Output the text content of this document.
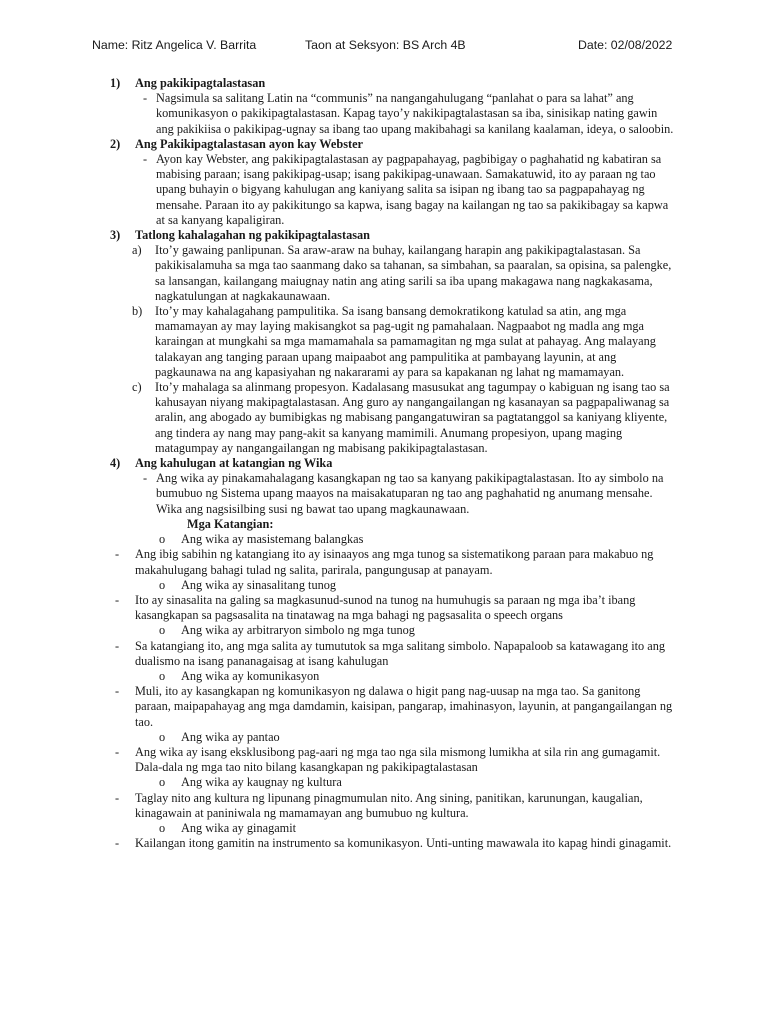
Name: Ritz Angelica V. Barrita	Taon at Seksyon: BS Arch 4B	Date: 02/08/2022
1) Ang pakikipagtalastasan
- Nagsimula sa salitang Latin na “communis” na nangangahulugang “panlahat o para sa lahat” ang komunikasyon o pakikipagtalastasan. Kapag tayo’y nakikipagtalastasan sa iba, sinisikap nating gawin ang pakikiisa o pakikipag-ugnay sa ibang tao upang makibahagi sa kanilang kaalaman, ideya, o saloobin.
2) Ang Pakikipagtalastasan ayon kay Webster
- Ayon kay Webster, ang pakikipagtalastasan ay pagpapahayag, pagbibigay o paghahatid ng kabatiran sa mabising paraan; isang pakikipag-usap; isang pakikipag-unawaan. Samakatuwid, ito ay paraan ng tao upang buhayin o bigyang kahulugan ang kaniyang salita sa isipan ng ibang tao sa pagpapahayag ng mensahe. Paraan ito ay pakikitungo sa kapwa, isang bagay na kailangan ng tao sa pakikibagay sa kapwa at sa kanyang kapaligiran.
3) Tatlong kahalagahan ng pakikipagtalastasan
a) Ito’y gawaing panlipunan. Sa araw-araw na buhay, kailangang harapin ang pakikipagtalastasan. Sa pakikisalamuha sa mga tao saanmang dako sa tahanan, sa simbahan, sa paaralan, sa opisina, sa palengke, sa lansangan, kailangang maiugnay natin ang ating sarili sa iba upang makagawa nang nagkakasama, nagkatulungan at nagkakaunawaan.
b) Ito’y may kahalagahang pampulitika. Sa isang bansang demokratikong katulad sa atin, ang mga mamamayan ay may laying makisangkot sa pag-ugit ng pamahalaan. Nagpaabot ng madla ang mga karaingan at mungkahi sa mga mamamahala sa pamamagitan ng mga sulat at pahayag. Ang malayang talakayan ang tanging paraan upang maipaabot ang pampulitika at pambayang layunin, at ang pagkaunawa na ang kapasiyahan ng nakararami ay para sa kapakanan ng lahat ng mamamayan.
c) Ito’y mahalaga sa alinmang propesyon. Kadalasang masusukat ang tagumpay o kabiguan ng isang tao sa kahusayan niyang makipagtalastasan. Ang guro ay nangangailangan ng kasanayan sa pagpapaliwanag sa aralin, ang abogado ay bumibigkas ng mabisang pangangatuwiran sa pagtatanggol sa kaniyang kliyente, ang tindera ay nang may pang-akit sa kanyang mamimili. Anumang propesiyon, upang maging matagumpay ay nangangailangan ng mabisang pakikipagtalastasan.
4) Ang kahulugan at katangian ng Wika
- Ang wika ay pinakamahalagang kasangkapan ng tao sa kanyang pakikipagtalastasan. Ito ay simbolo na bumubuo ng Sistema upang maayos na maisakatuparan ng tao ang paghahatid ng anumang mensahe. Wika ang nagsisilbing susi ng bawat tao upang magkaunawaan.
Mga Katangian:
o Ang wika ay masistemang balangkas
- Ang ibig sabihin ng katangiang ito ay isinaayos ang mga tunog sa sistematikong paraan para makabuo ng makahulugang bahagi tulad ng salita, parirala, pangungusap at panayam.
o Ang wika ay sinasalitang tunog
- Ito ay sinasalita na galing sa magkasunud-sunod na tunog na humuhugis sa paraan ng mga iba’t ibang kasangkapan sa pagsasalita na tinatawag na mga bahagi ng pagsasalita o speech organs
o Ang wika ay arbitraryon simbolo ng mga tunog
- Sa katangiang ito, ang mga salita ay tumututok sa mga salitang simbolo. Napapaloob sa katawagang ito ang dualismo na isang pananagaisag at isang kahulugan
o Ang wika ay komunikasyon
- Muli, ito ay kasangkapan ng komunikasyon ng dalawa o higit pang nag-uusap na mga tao. Sa ganitong paraan, maipapahayag ang mga damdamin, kaisipan, pangarap, imahinasyon, layunin, at pangangailangan ng tao.
o Ang wika ay pantao
- Ang wika ay isang eksklusibong pag-aari ng mga tao nga sila mismong lumikha at sila rin ang gumagamit. Dala-dala ng mga tao nito bilang kasangkapan ng pakikipagtalastasan
o Ang wika ay kaugnay ng kultura
- Taglay nito ang kultura ng lipunang pinagmumulan nito. Ang sining, panitikan, karunungan, kaugalian, kinagawain at paniniwala ng mamamayan ang bumubuo ng kultura.
o Ang wika ay ginagamit
- Kailangan itong gamitin na instrumento sa komunikasyon. Unti-unting mawawala ito kapag hindi ginagamit.
